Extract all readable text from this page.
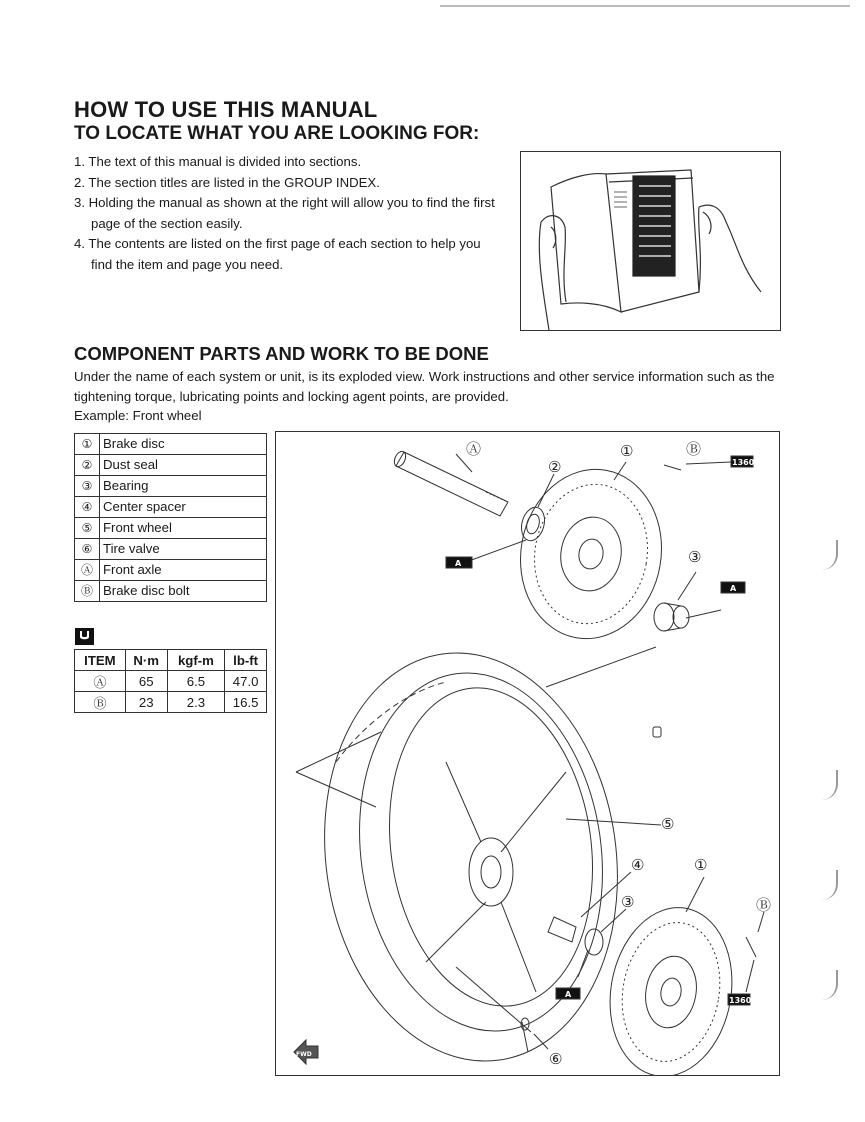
HOW TO USE THIS MANUAL
TO LOCATE WHAT YOU ARE LOOKING FOR:
1. The text of this manual is divided into sections.
2. The section titles are listed in the GROUP INDEX.
3. Holding the manual as shown at the right will allow you to find the first page of the section easily.
4. The contents are listed on the first page of each section to help you find the item and page you need.
COMPONENT PARTS AND WORK TO BE DONE

Under the name of each system or unit, is its exploded view. Work instructions and other service information such as the tightening torque, lubricating points and locking agent points, are provided.
Example: Front wheel

①	Brake disc
②	Dust seal
③	Bearing
④	Center spacer
⑤	Front wheel
⑥	Tire valve
Ⓐ	Front axle
Ⓑ	Brake disc bolt
ITEM	N·m	kgf-m	lb-ft
Ⓐ	65	6.5	47.0
Ⓑ	23	2.3	16.5
Ⓐ
②
①	Ⓑ
③
⑤
④	①
③	Ⓑ
⑥
A
A
A
1360
1360
FWD
